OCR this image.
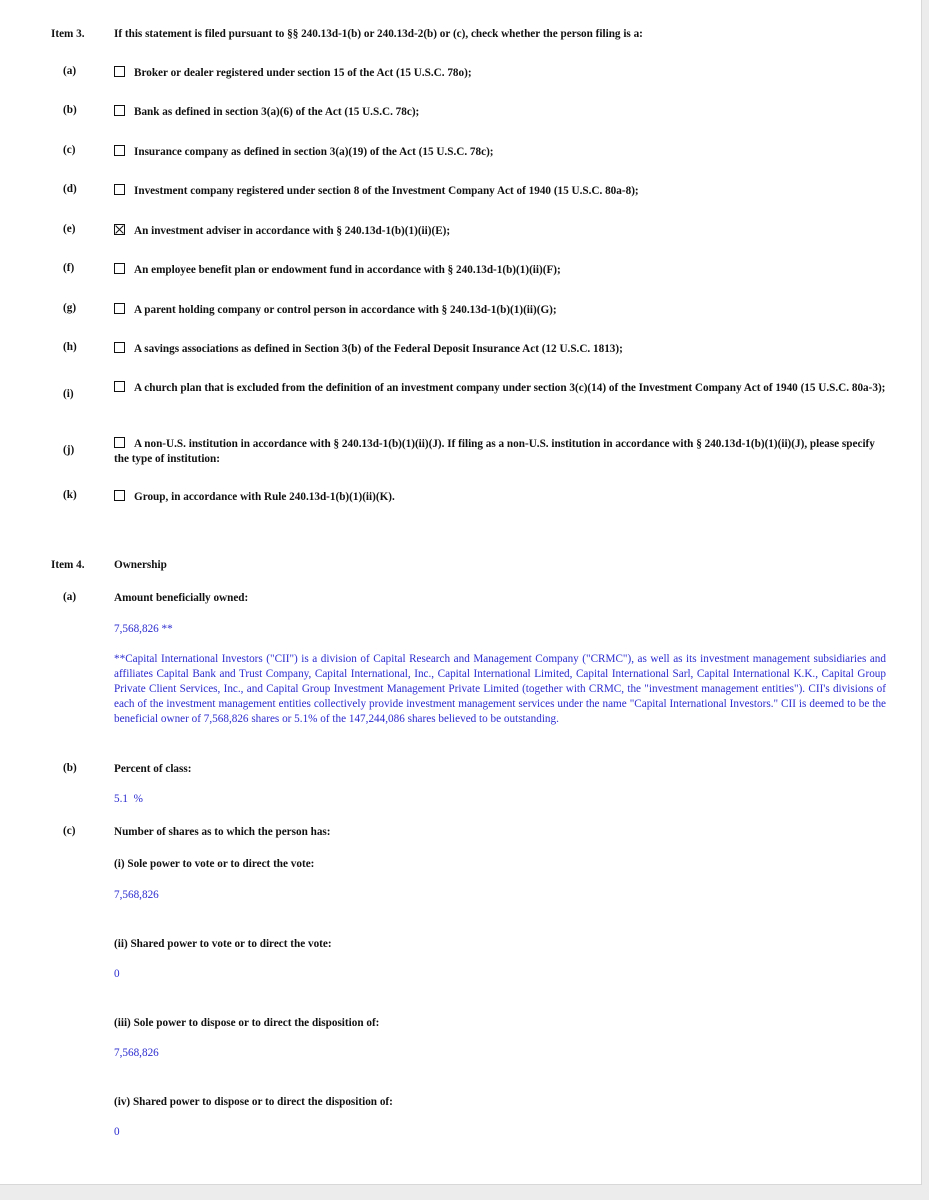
Item 3.	If this statement is filed pursuant to §§ 240.13d-1(b) or 240.13d-2(b) or (c), check whether the person filing is a:
(a)	Broker or dealer registered under section 15 of the Act (15 U.S.C. 78o);
(b)	Bank as defined in section 3(a)(6) of the Act (15 U.S.C. 78c);
(c)	Insurance company as defined in section 3(a)(19) of the Act (15 U.S.C. 78c);
(d)	Investment company registered under section 8 of the Investment Company Act of 1940 (15 U.S.C. 80a-8);
(e)	An investment adviser in accordance with § 240.13d-1(b)(1)(ii)(E);
(f)	An employee benefit plan or endowment fund in accordance with § 240.13d-1(b)(1)(ii)(F);
(g)	A parent holding company or control person in accordance with § 240.13d-1(b)(1)(ii)(G);
(h)	A savings associations as defined in Section 3(b) of the Federal Deposit Insurance Act (12 U.S.C. 1813);
(i)	A church plan that is excluded from the definition of an investment company under section 3(c)(14) of the Investment Company Act of 1940 (15 U.S.C. 80a-3);
(j)	A non-U.S. institution in accordance with § 240.13d-1(b)(1)(ii)(J). If filing as a non-U.S. institution in accordance with § 240.13d-1(b)(1)(ii)(J), please specify the type of institution:
(k)	Group, in accordance with Rule 240.13d-1(b)(1)(ii)(K).
Item 4.	Ownership
(a)	Amount beneficially owned:
7,568,826 **
**Capital International Investors ("CII") is a division of Capital Research and Management Company ("CRMC"), as well as its investment management subsidiaries and affiliates Capital Bank and Trust Company, Capital International, Inc., Capital International Limited, Capital International Sarl, Capital International K.K., Capital Group Private Client Services, Inc., and Capital Group Investment Management Private Limited (together with CRMC, the "investment management entities"). CII's divisions of each of the investment management entities collectively provide investment management services under the name "Capital International Investors." CII is deemed to be the beneficial owner of 7,568,826 shares or 5.1% of the 147,244,086 shares believed to be outstanding.
(b)	Percent of class:
5.1  %
(c)	Number of shares as to which the person has:
(i) Sole power to vote or to direct the vote:
7,568,826
(ii) Shared power to vote or to direct the vote:
0
(iii) Sole power to dispose or to direct the disposition of:
7,568,826
(iv) Shared power to dispose or to direct the disposition of:
0
